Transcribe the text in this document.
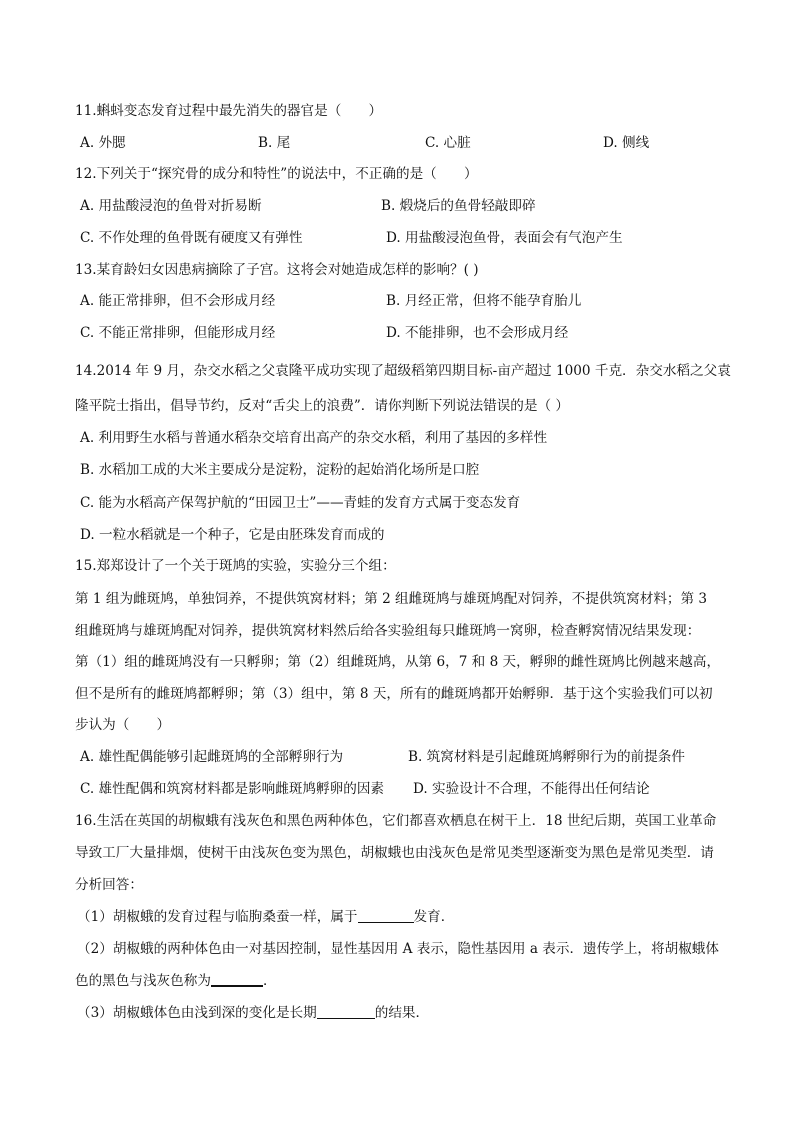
11.蝌蚪变态发育过程中最先消失的器官是（　　）
A. 外腮	B. 尾	C. 心脏	D. 侧线
12.下列关于“探究骨的成分和特性”的说法中，不正确的是（　　）
A. 用盐酸浸泡的鱼骨对折易断	B. 煅烧后的鱼骨轻敲即碎
C. 不作处理的鱼骨既有硬度又有弹性	D. 用盐酸浸泡鱼骨，表面会有气泡产生
13.某育龄妇女因患病摘除了子宫。这将会对她造成怎样的影响？( )
A. 能正常排卵，但不会形成月经	B. 月经正常，但将不能孕育胎儿
C. 不能正常排卵，但能形成月经	D. 不能排卵，也不会形成月经
14.2014 年 9 月，杂交水稻之父袁隆平成功实现了超级稻第四期目标-亩产超过 1000 千克．杂交水稻之父袁
隆平院士指出，倡导节约，反对“舌尖上的浪费”．请你判断下列说法错误的是（ ）
A. 利用野生水稻与普通水稻杂交培育出高产的杂交水稻，利用了基因的多样性
B. 水稻加工成的大米主要成分是淀粉，淀粉的起始消化场所是口腔
C. 能为水稻高产保驾护航的“田园卫士”——青蛙的发育方式属于变态发育
D. 一粒水稻就是一个种子，它是由胚珠发育而成的
15.郑郑设计了一个关于斑鸠的实验，实验分三个组：
第 1 组为雌斑鸠，单独饲养，不提供筑窝材料；第 2 组雌斑鸠与雄斑鸠配对饲养，不提供筑窝材料；第 3
组雌斑鸠与雄斑鸠配对饲养，提供筑窝材料然后给各实验组每只雌斑鸠一窝卵，检查孵窝情况结果发现：
第（1）组的雌斑鸠没有一只孵卵；第（2）组雌斑鸠，从第 6，7 和 8 天，孵卵的雌性斑鸠比例越来越高，
但不是所有的雌斑鸠都孵卵；第（3）组中，第 8 天，所有的雌斑鸠都开始孵卵．基于这个实验我们可以初
步认为（　　）
A. 雄性配偶能够引起雌斑鸠的全部孵卵行为	B. 筑窝材料是引起雌斑鸠孵卵行为的前提条件
C. 雄性配偶和筑窝材料都是影响雌斑鸠孵卵的因素 D. 实验设计不合理，不能得出任何结论
16.生活在英国的胡椒蛾有浅灰色和黑色两种体色，它们都喜欢栖息在树干上．18 世纪后期，英国工业革命
导致工厂大量排烟，使树干由浅灰色变为黑色，胡椒蛾也由浅灰色是常见类型逐渐变为黑色是常见类型．请
分析回答：
（1）胡椒蛾的发育过程与临朐桑蚕一样，属于	发育．
（2）胡椒蛾的两种体色由一对基因控制，显性基因用 A 表示，隐性基因用 a 表示．遗传学上，将胡椒蛾体
色的黑色与浅灰色称为	．
（3）胡椒蛾体色由浅到深的变化是长期	的结果．
